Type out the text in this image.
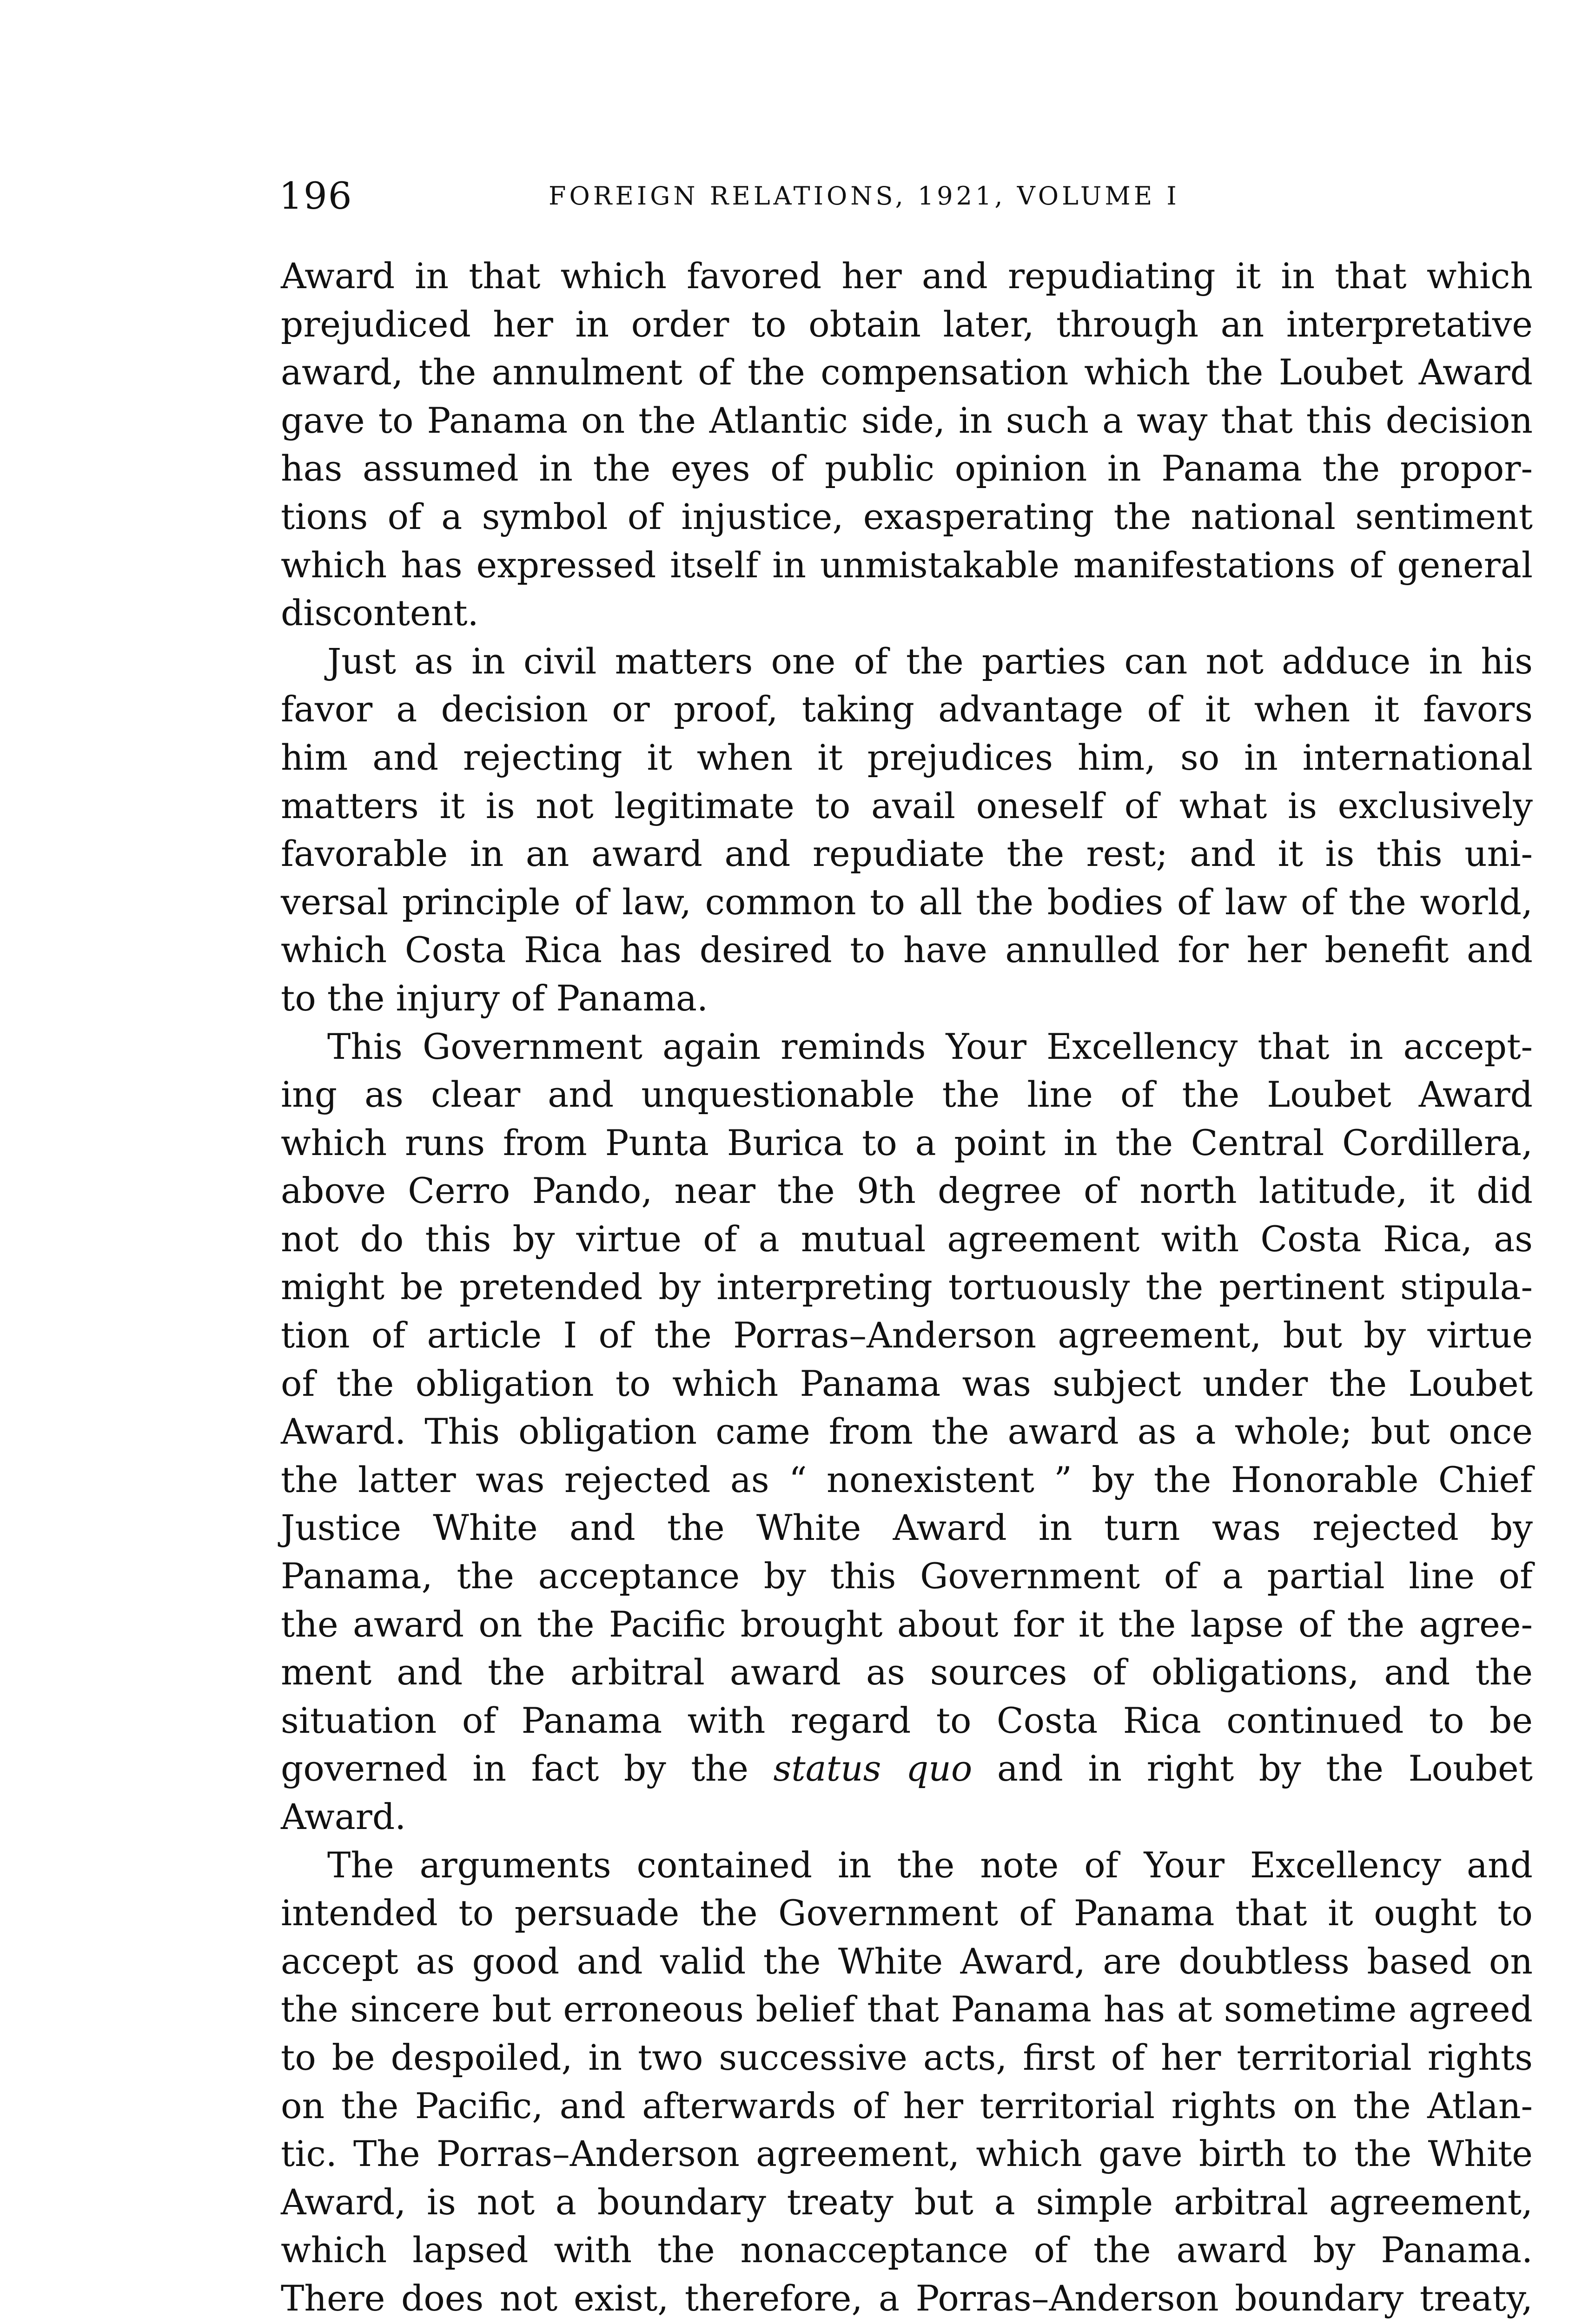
196	FOREIGN RELATIONS, 1921, VOLUME I
Award in that which favored her and repudiating it in that which
prejudiced her in order to obtain later, through an interpretative
award, the annulment of the compensation which the Loubet Award
gave to Panama on the Atlantic side, in such a way that this decision
has assumed in the eyes of public opinion in Panama the propor-
tions of a symbol of injustice, exasperating the national sentiment
which has expressed itself in unmistakable manifestations of general
discontent.
Just as in civil matters one of the parties can not adduce in his
favor a decision or proof, taking advantage of it when it favors
him and rejecting it when it prejudices him, so in international
matters it is not legitimate to avail oneself of what is exclusively
favorable in an award and repudiate the rest; and it is this uni-
versal principle of law, common to all the bodies of law of the world,
which Costa Rica has desired to have annulled for her benefit and
to the injury of Panama.
This Government again reminds Your Excellency that in accept-
ing as clear and unquestionable the line of the Loubet Award
which runs from Punta Burica to a point in the Central Cordillera,
above Cerro Pando, near the 9th degree of north latitude, it did
not do this by virtue of a mutual agreement with Costa Rica, as
might be pretended by interpreting tortuously the pertinent stipula-
tion of article I of the Porras–Anderson agreement, but by virtue
of the obligation to which Panama was subject under the Loubet
Award. This obligation came from the award as a whole; but once
the latter was rejected as “ nonexistent ” by the Honorable Chief
Justice White and the White Award in turn was rejected by
Panama, the acceptance by this Government of a partial line of
the award on the Pacific brought about for it the lapse of the agree-
ment and the arbitral award as sources of obligations, and the
situation of Panama with regard to Costa Rica continued to be
governed in fact by the status quo and in right by the Loubet
Award.
The arguments contained in the note of Your Excellency and
intended to persuade the Government of Panama that it ought to
accept as good and valid the White Award, are doubtless based on
the sincere but erroneous belief that Panama has at sometime agreed
to be despoiled, in two successive acts, first of her territorial rights
on the Pacific, and afterwards of her territorial rights on the Atlan-
tic. The Porras–Anderson agreement, which gave birth to the White
Award, is not a boundary treaty but a simple arbitral agreement,
which lapsed with the nonacceptance of the award by Panama.
There does not exist, therefore, a Porras–Anderson boundary treaty,
